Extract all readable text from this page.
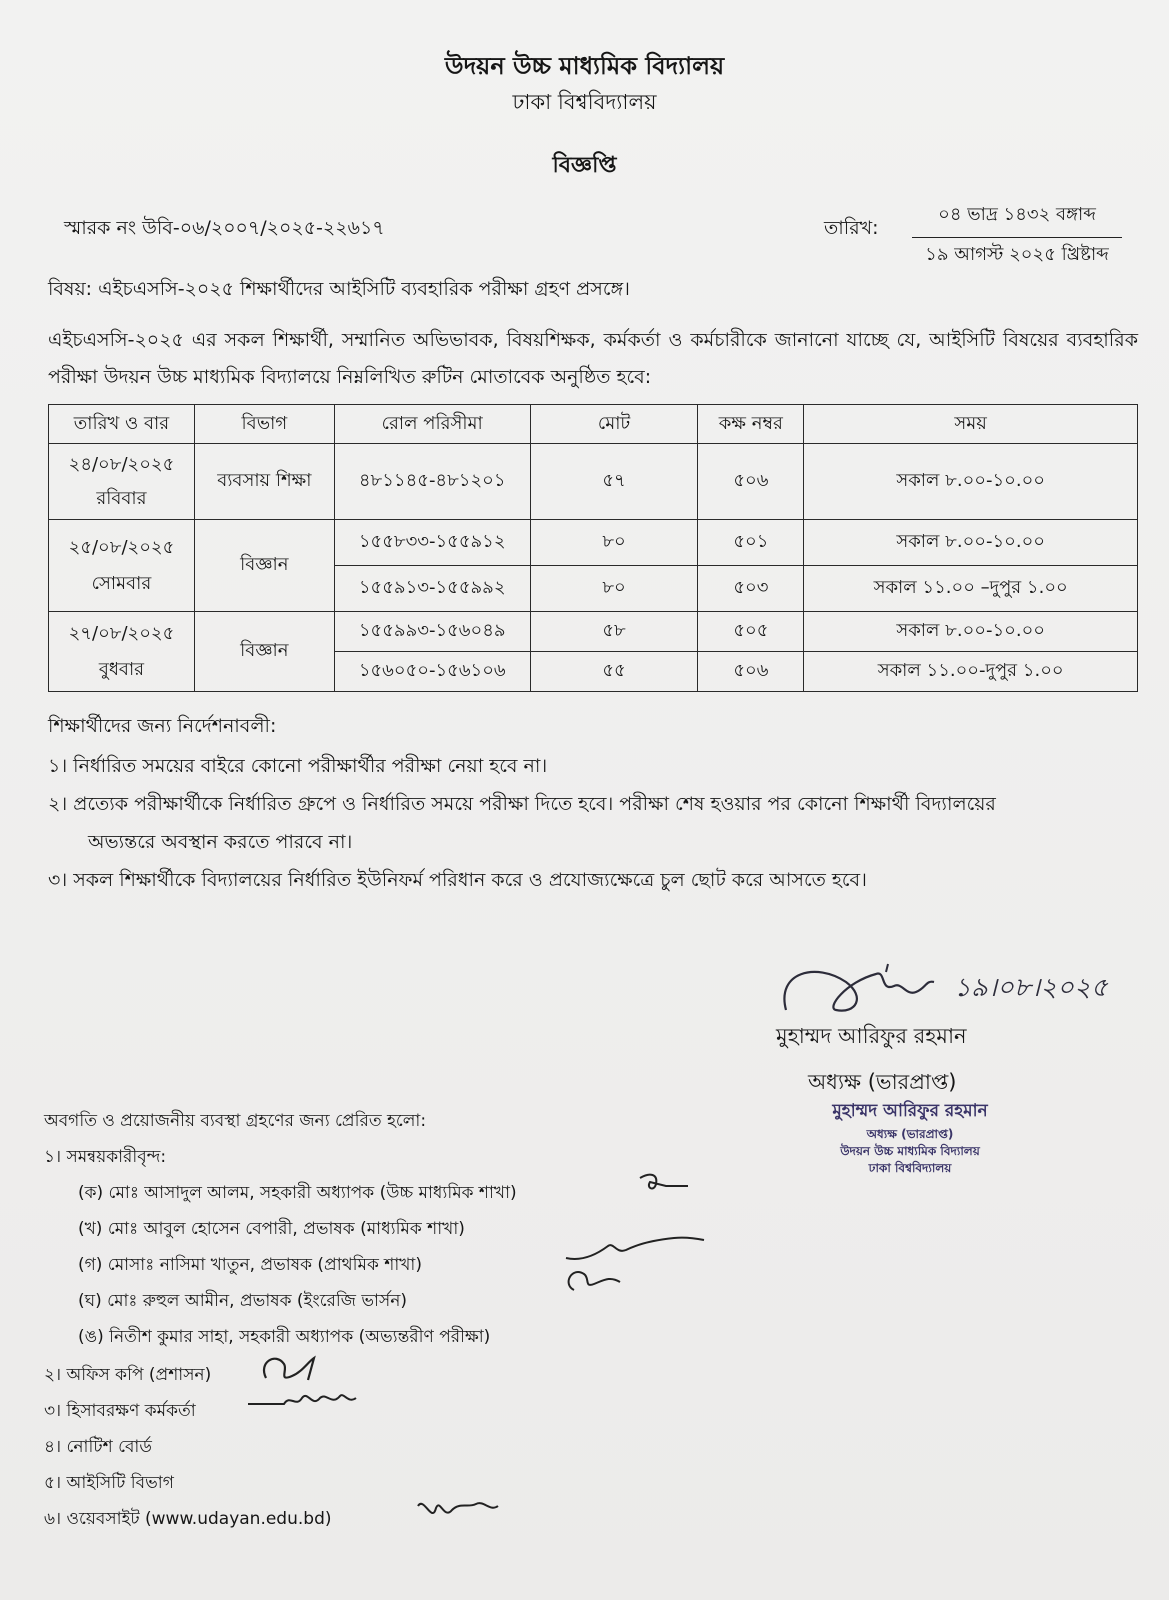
উদয়ন উচ্চ মাধ্যমিক বিদ্যালয়
ঢাকা বিশ্ববিদ্যালয়
বিজ্ঞপ্তি
স্মারক নং উবি-০৬/২০০৭/২০২৫-২২৬১৭	তারিখ:
০৪ ভাদ্র ১৪৩২ বঙ্গাব্দ
১৯ আগস্ট ২০২৫ খ্রিষ্টাব্দ
বিষয়: এইচএসসি-২০২৫ শিক্ষার্থীদের আইসিটি ব্যবহারিক পরীক্ষা গ্রহণ প্রসঙ্গে।
এইচএসসি-২০২৫ এর সকল শিক্ষার্থী, সম্মানিত অভিভাবক, বিষয়শিক্ষক, কর্মকর্তা ও কর্মচারীকে জানানো যাচ্ছে যে, আইসিটি বিষয়ের ব্যবহারিক পরীক্ষা উদয়ন উচ্চ মাধ্যমিক বিদ্যালয়ে নিম্নলিখিত রুটিন মোতাবেক অনুষ্ঠিত হবে:
তারিখ ও বার	বিভাগ	রোল পরিসীমা	মোট	কক্ষ নম্বর	সময়

২৪/০৮/২০২৫
রবিবার	ব্যবসায় শিক্ষা	৪৮১১৪৫-৪৮১২০১	৫৭	৫০৬	সকাল ৮.০০-১০.০০

২৫/০৮/২০২৫
সোমবার	বিজ্ঞান	১৫৫৮৩৩-১৫৫৯১২	৮০	৫০১	সকাল ৮.০০-১০.০০
		১৫৫৯১৩-১৫৫৯৯২	৮০	৫০৩	সকাল ১১.০০ –দুপুর ১.০০

২৭/০৮/২০২৫
বুধবার	বিজ্ঞান	১৫৫৯৯৩-১৫৬০৪৯	৫৮	৫০৫	সকাল ৮.০০-১০.০০
		১৫৬০৫০-১৫৬১০৬	৫৫	৫০৬	সকাল ১১.০০-দুপুর ১.০০
শিক্ষার্থীদের জন্য নির্দেশনাবলী:
১। নির্ধারিত সময়ের বাইরে কোনো পরীক্ষার্থীর পরীক্ষা নেয়া হবে না।
২। প্রত্যেক পরীক্ষার্থীকে নির্ধারিত গ্রুপে ও নির্ধারিত সময়ে পরীক্ষা দিতে হবে। পরীক্ষা শেষ হওয়ার পর কোনো শিক্ষার্থী বিদ্যালয়ের
অভ্যন্তরে অবস্থান করতে পারবে না।
৩। সকল শিক্ষার্থীকে বিদ্যালয়ের নির্ধারিত ইউনিফর্ম পরিধান করে ও প্রযোজ্যক্ষেত্রে চুল ছোট করে আসতে হবে।
১৯।০৮।২০২৫
মুহাম্মদ আরিফুর রহমান
অধ্যক্ষ (ভারপ্রাপ্ত)
মুহাম্মদ আরিফুর রহমান
অধ্যক্ষ (ভারপ্রাপ্ত)
উদয়ন উচ্চ মাধ্যমিক বিদ্যালয়
ঢাকা বিশ্ববিদ্যালয়
অবগতি ও প্রয়োজনীয় ব্যবস্থা গ্রহণের জন্য প্রেরিত হলো:
১। সমন্বয়কারীবৃন্দ:
(ক) মোঃ আসাদুল আলম, সহকারী অধ্যাপক (উচ্চ মাধ্যমিক শাখা)
(খ) মোঃ আবুল হোসেন বেপারী, প্রভাষক (মাধ্যমিক শাখা)
(গ) মোসাঃ নাসিমা খাতুন, প্রভাষক (প্রাথমিক শাখা)
(ঘ) মোঃ রুহুল আমীন, প্রভাষক (ইংরেজি ভার্সন)
(ঙ) নিতীশ কুমার সাহা, সহকারী অধ্যাপক (অভ্যন্তরীণ পরীক্ষা)
২। অফিস কপি (প্রশাসন)
৩। হিসাবরক্ষণ কর্মকর্তা
৪। নোটিশ বোর্ড
৫। আইসিটি বিভাগ
৬। ওয়েবসাইট (www.udayan.edu.bd)
